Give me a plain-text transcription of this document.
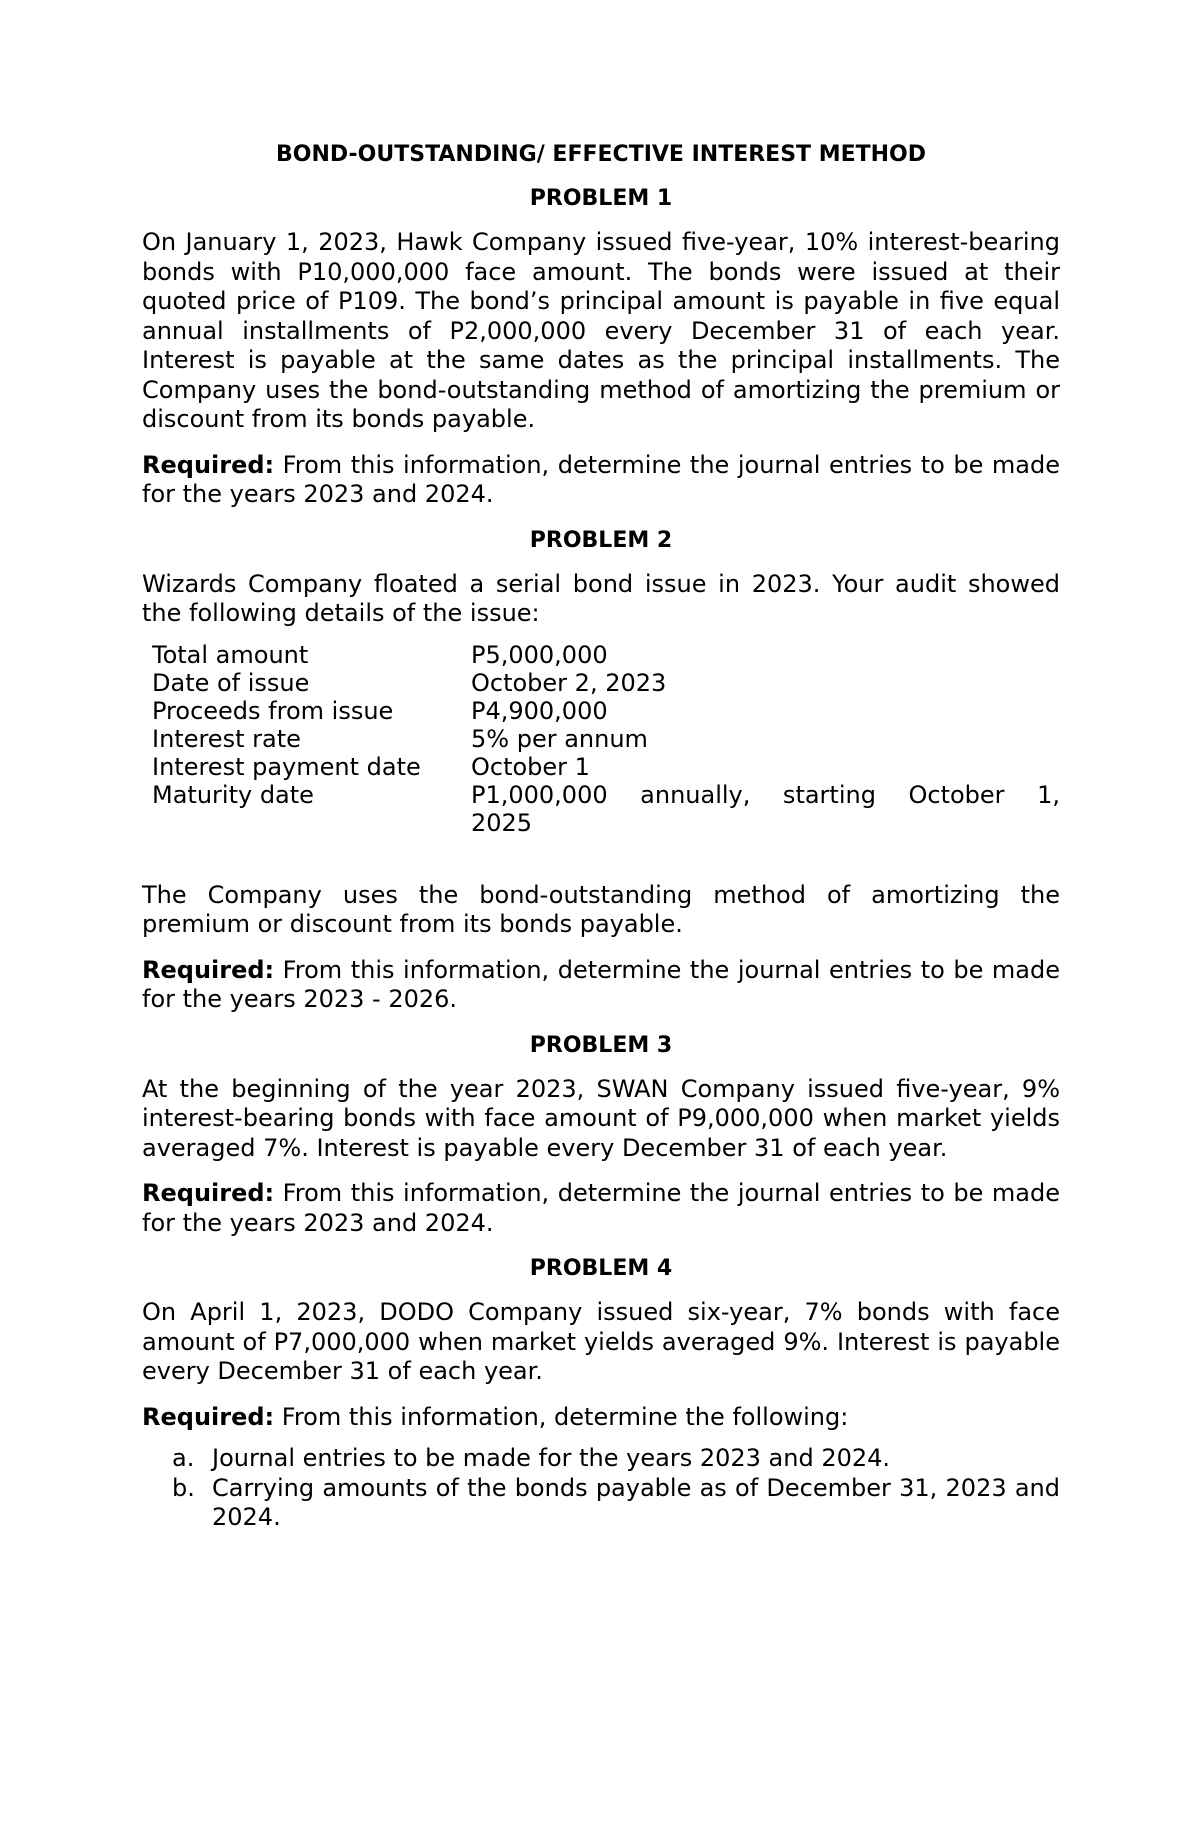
BOND-OUTSTANDING/ EFFECTIVE INTEREST METHOD
PROBLEM 1

On January 1, 2023, Hawk Company issued five-year, 10% interest-bearing bonds with P10,000,000 face amount. The bonds were issued at their quoted price of P109. The bond’s principal amount is payable in five equal annual installments of P2,000,000 every December 31 of each year. Interest is payable at the same dates as the principal installments. The Company uses the bond-outstanding method of amortizing the premium or discount from its bonds payable.

Required: From this information, determine the journal entries to be made for the years 2023 and 2024.

PROBLEM 2

Wizards Company floated a serial bond issue in 2023. Your audit showed the following details of the issue:

Total amount	P5,000,000
Date of issue	October 2, 2023
Proceeds from issue	P4,900,000
Interest rate	5% per annum
Interest payment date	October 1
Maturity date	P1,000,000 annually, starting October 1, 2025

The Company uses the bond-outstanding method of amortizing the premium or discount from its bonds payable.

Required: From this information, determine the journal entries to be made for the years 2023 - 2026.

PROBLEM 3

At the beginning of the year 2023, SWAN Company issued five-year, 9% interest-bearing bonds with face amount of P9,000,000 when market yields averaged 7%. Interest is payable every December 31 of each year.

Required: From this information, determine the journal entries to be made for the years 2023 and 2024.

PROBLEM 4

On April 1, 2023, DODO Company issued six-year, 7% bonds with face amount of P7,000,000 when market yields averaged 9%. Interest is payable every December 31 of each year.

Required: From this information, determine the following:

a. Journal entries to be made for the years 2023 and 2024.
b. Carrying amounts of the bonds payable as of December 31, 2023 and 2024.
